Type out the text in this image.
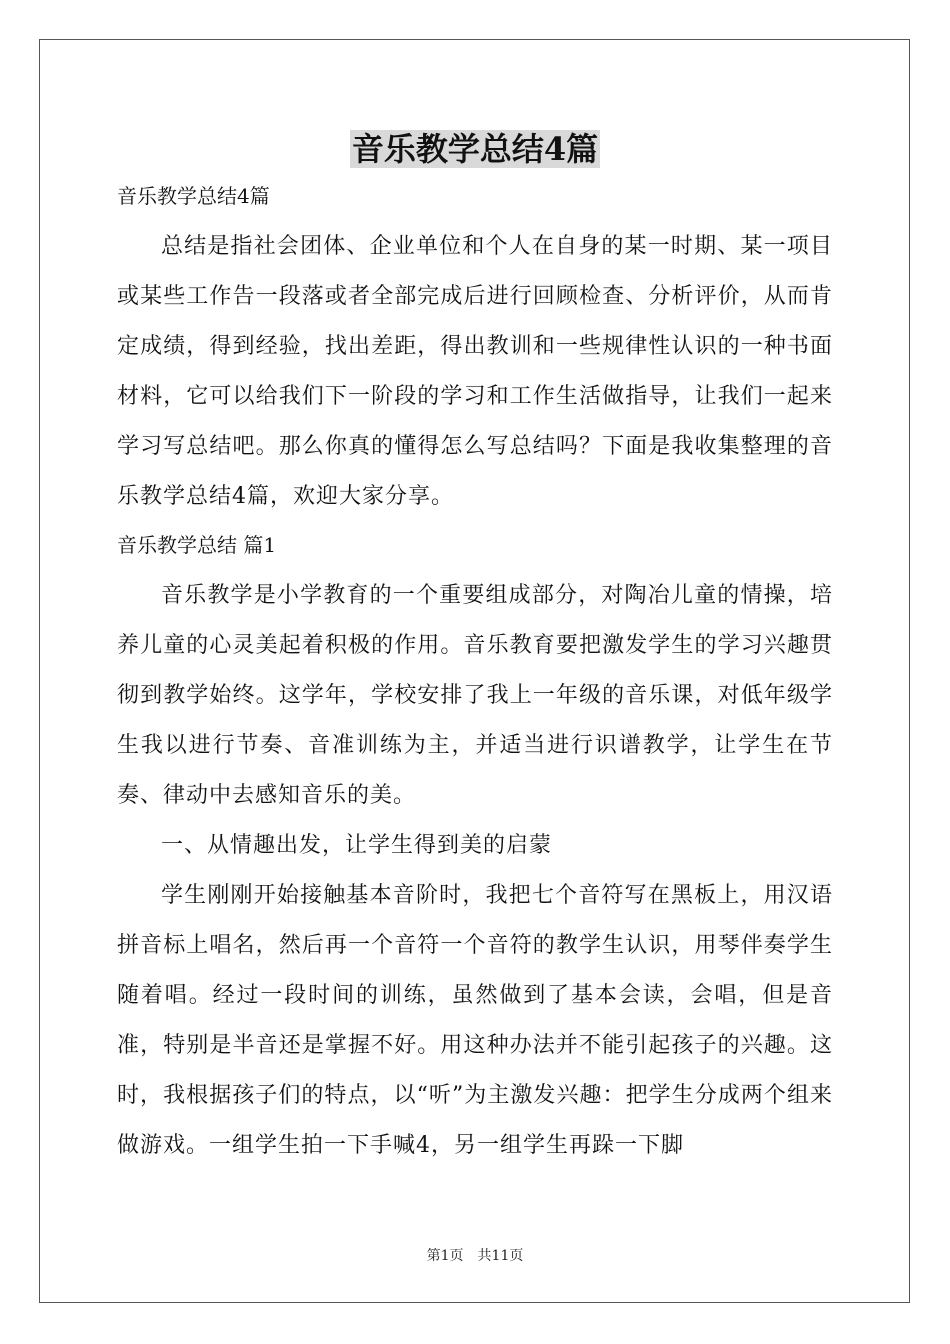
音乐教学总结4篇

音乐教学总结4篇

总结是指社会团体、企业单位和个人在自身的某一时期、某一项目或某些工作告一段落或者全部完成后进行回顾检查、分析评价，从而肯定成绩，得到经验，找出差距，得出教训和一些规律性认识的一种书面材料，它可以给我们下一阶段的学习和工作生活做指导，让我们一起来学习写总结吧。那么你真的懂得怎么写总结吗？下面是我收集整理的音乐教学总结4篇，欢迎大家分享。

音乐教学总结 篇1

音乐教学是小学教育的一个重要组成部分，对陶冶儿童的情操，培养儿童的心灵美起着积极的作用。音乐教育要把激发学生的学习兴趣贯彻到教学始终。这学年，学校安排了我上一年级的音乐课，对低年级学生我以进行节奏、音准训练为主，并适当进行识谱教学，让学生在节奏、律动中去感知音乐的美。

一、从情趣出发，让学生得到美的启蒙

学生刚刚开始接触基本音阶时，我把七个音符写在黑板上，用汉语拼音标上唱名，然后再一个音符一个音符的教学生认识，用琴伴奏学生随着唱。经过一段时间的训练，虽然做到了基本会读，会唱，但是音准，特别是半音还是掌握不好。用这种办法并不能引起孩子的兴趣。这时，我根据孩子们的特点，以“听”为主激发兴趣：把学生分成两个组来做游戏。一组学生拍一下手喊4，另一组学生再跺一下脚

第1页 共11页
